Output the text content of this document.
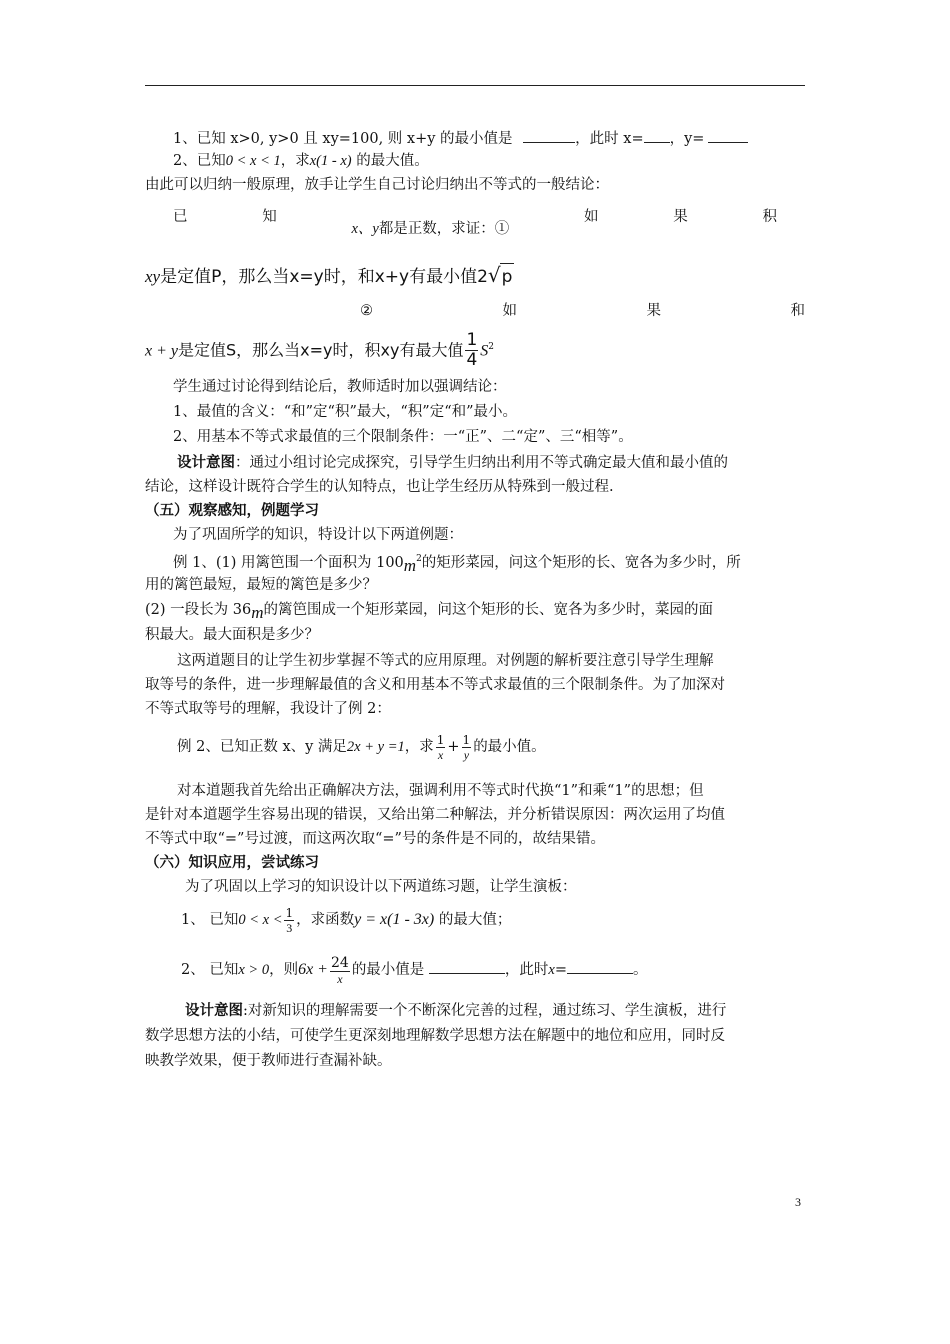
1、已知 x>0, y>0 且 xy=100, 则 x+y 的最小值是	，此时 x= ，y=
2、已知0 < x < 1，求x(1 - x) 的最大值。
由此可以归纳一般原理，放手让学生自己讨论归纳出不等式的一般结论：
已	知
x、y都是正数，求证：①
如	果	积
xy是定值P，那么当x=y时，和x+y有最小值2√p
②	如	果	和
x + y是定值S，那么当x=y时，积xy有最大值 $\frac{1}{4} S^2$
学生通过讨论得到结论后，教师适时加以强调结论：
1、最值的含义：“和”定“积”最大，“积”定“和”最小。
2、用基本不等式求最值的三个限制条件：一“正”、二“定”、三“相等”。
设计意图：通过小组讨论完成探究，引导学生归纳出利用不等式确定最大值和最小值的
结论，这样设计既符合学生的认知特点，也让学生经历从特殊到一般过程.
（五）观察感知，例题学习
为了巩固所学的知识，特设计以下两道例题：
例 1、(1) 用篱笆围一个面积为 $100m^2$的矩形菜园，问这个矩形的长、宽各为多少时，所
用的篱笆最短，最短的篱笆是多少？
(2) 一段长为 36m的篱笆围成一个矩形菜园，问这个矩形的长、宽各为多少时，菜园的面
积最大。最大面积是多少？
这两道题目的让学生初步掌握不等式的应用原理。对例题的解析要注意引导学生理解
取等号的条件，进一步理解最值的含义和用基本不等式求最值的三个限制条件。为了加深对
不等式取等号的理解，我设计了例 2：
例 2、已知正数 x、y 满足2x + y =1，求 $\frac{1}{x} + \frac{1}{y}$ 的最小值。
对本道题我首先给出正确解决方法，强调利用不等式时代换“1”和乘“1”的思想；但
是针对本道题学生容易出现的错误，又给出第二种解法，并分析错误原因：两次运用了均值
不等式中取“=”号过渡，而这两次取“=”号的条件是不同的，故结果错。
（六）知识应用，尝试练习
为了巩固以上学习的知识设计以下两道练习题，让学生演板：
1、 已知$0 < x < \frac{1}{3}$ ，求函数y = x(1 - 3x) 的最大值；
2、 已知x > 0，则$6x + \frac{24}{x}$ 的最小值是	，此时x=	。
设计意图:对新知识的理解需要一个不断深化完善的过程，通过练习、学生演板，进行
数学思想方法的小结，可使学生更深刻地理解数学思想方法在解题中的地位和应用，同时反
映教学效果，便于教师进行查漏补缺。
3
